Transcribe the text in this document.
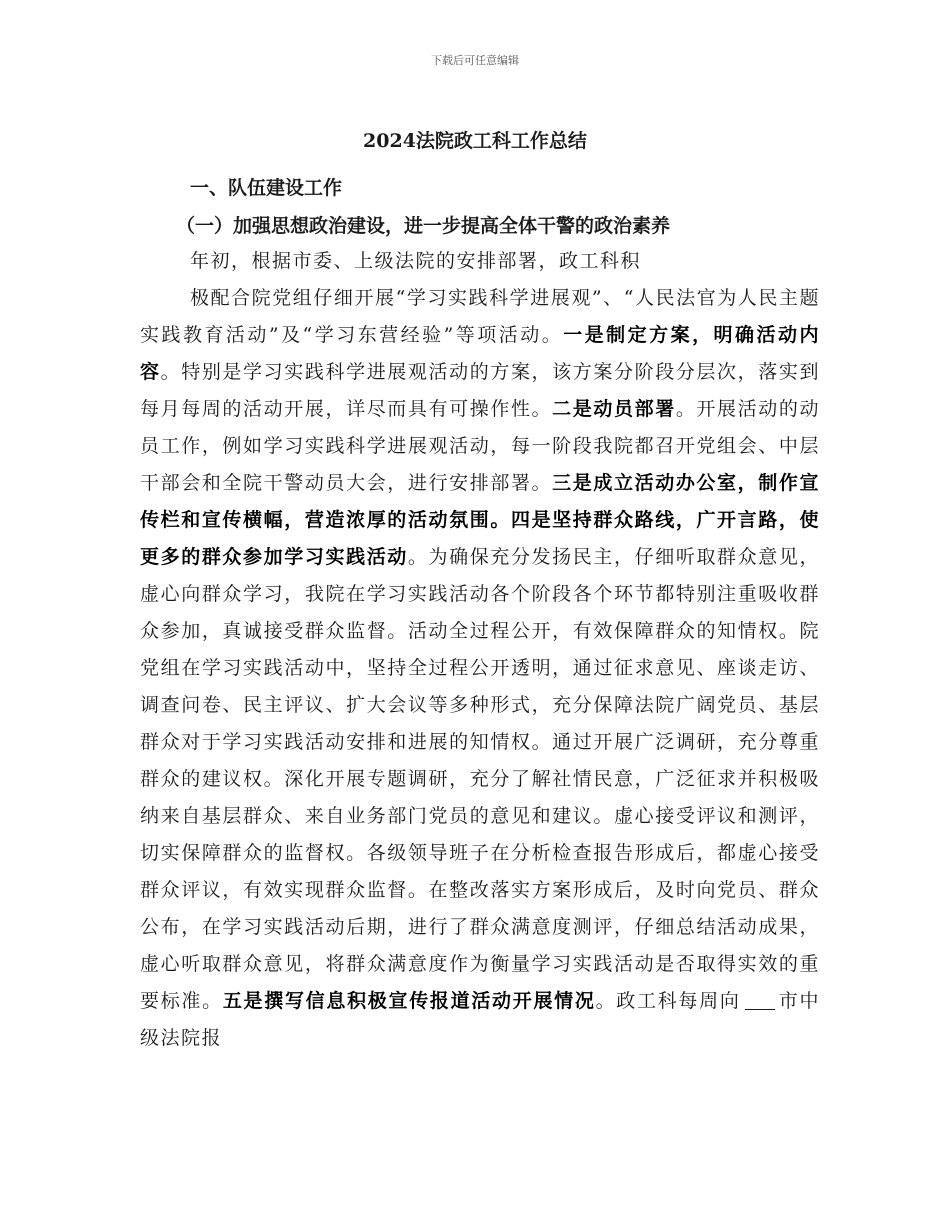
下载后可任意编辑
2024法院政工科工作总结
一、队伍建设工作
（一）加强思想政治建设，进一步提高全体干警的政治素养

年初，根据市委、上级法院的安排部署，政工科积

极配合院党组仔细开展“学习实践科学进展观”、“人民法官为人民主题实践教育活动”及“学习东营经验”等项活动。一是制定方案，明确活动内容。特别是学习实践科学进展观活动的方案，该方案分阶段分层次，落实到每月每周的活动开展，详尽而具有可操作性。二是动员部署。开展活动的动员工作，例如学习实践科学进展观活动，每一阶段我院都召开党组会、中层干部会和全院干警动员大会，进行安排部署。三是成立活动办公室，制作宣传栏和宣传横幅，营造浓厚的活动氛围。四是坚持群众路线，广开言路，使更多的群众参加学习实践活动。为确保充分发扬民主，仔细听取群众意见，虚心向群众学习，我院在学习实践活动各个阶段各个环节都特别注重吸收群众参加，真诚接受群众监督。活动全过程公开，有效保障群众的知情权。院党组在学习实践活动中，坚持全过程公开透明，通过征求意见、座谈走访、调查问卷、民主评议、扩大会议等多种形式，充分保障法院广阔党员、基层群众对于学习实践活动安排和进展的知情权。通过开展广泛调研，充分尊重群众的建议权。深化开展专题调研，充分了解社情民意，广泛征求并积极吸纳来自基层群众、来自业务部门党员的意见和建议。虚心接受评议和测评，切实保障群众的监督权。各级领导班子在分析检查报告形成后，都虚心接受群众评议，有效实现群众监督。在整改落实方案形成后，及时向党员、群众公布，在学习实践活动后期，进行了群众满意度测评，仔细总结活动成果，虚心听取群众意见，将群众满意度作为衡量学习实践活动是否取得实效的重要标准。五是撰写信息积极宣传报道活动开展情况。政工科每周向 市中级法院报
